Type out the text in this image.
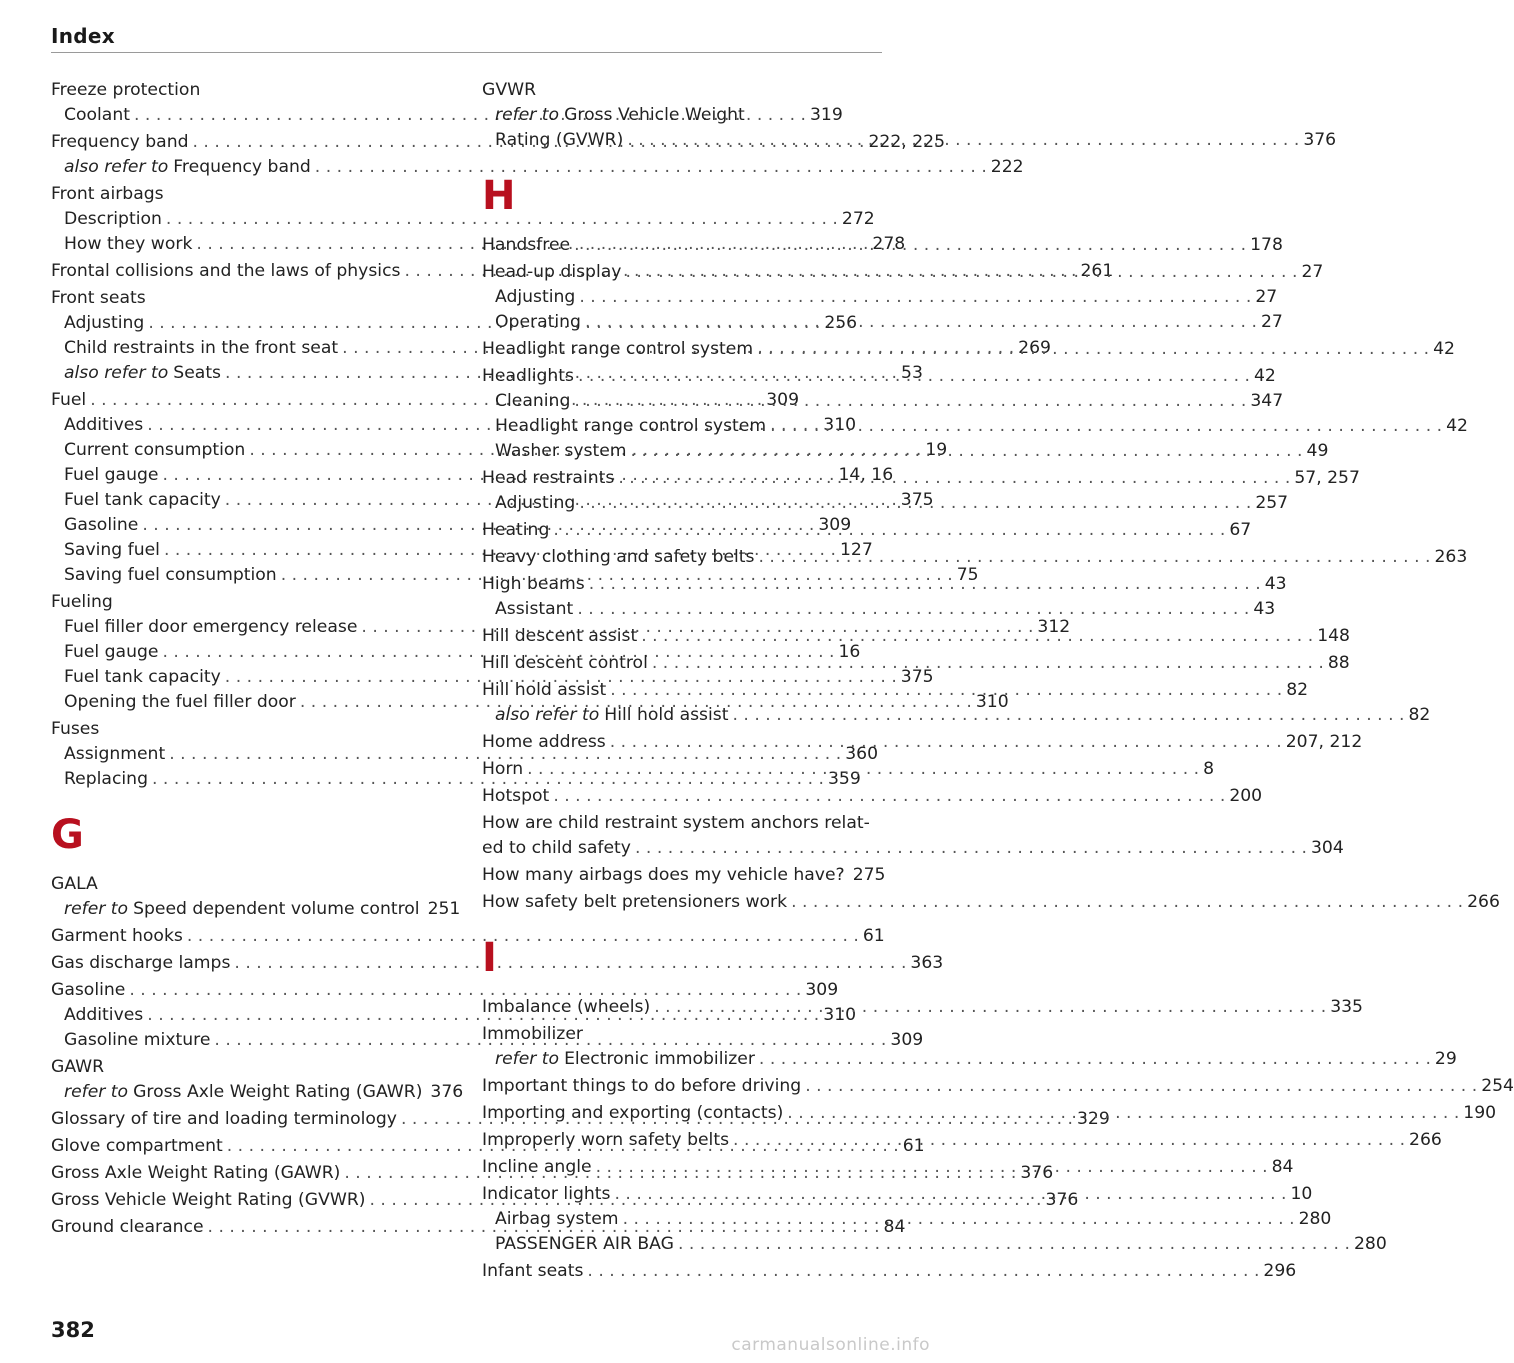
Index
Freeze protection
Coolant . . .	319
Frequency band . . .	222, 225
also refer to Frequency band . . .	222
Front airbags
Description . . .	272
How they work . . .	278
Frontal collisions and the laws of physics . . .	261
Front seats
Adjusting . . .	256
Child restraints in the front seat . . .	269
also refer to Seats . . .	53
Fuel . . .	309
Additives . . .	310
Current consumption . . .	19
Fuel gauge . . .	14, 16
Fuel tank capacity . . .	375
Gasoline . . .	309
Saving fuel . . .	127
Saving fuel consumption . . .	75
Fueling
Fuel filler door emergency release . . .	312
Fuel gauge . . .	16
Fuel tank capacity . . .	375
Opening the fuel filler door . . .	310
Fuses
Assignment . . .	360
Replacing . . .	359
G
GALA
refer to Speed dependent volume control 251
Garment hooks . . .	61
Gas discharge lamps . . .	363
Gasoline . . .	309
Additives . . .	310
Gasoline mixture . . .	309
GAWR
refer to Gross Axle Weight Rating (GAWR) 376
Glossary of tire and loading terminology . . .	329
Glove compartment . . .	61
Gross Axle Weight Rating (GAWR) . . .	376
Gross Vehicle Weight Rating (GVWR) . . .	376
Ground clearance . . .	84
GVWR
refer to Gross Vehicle Weight
Rating (GVWR) . . .	376
H
Handsfree . . .	178
Head-up display . . .	27
Adjusting . . .	27
Operating . . .	27
Headlight range control system . . .	42
Headlights . . .	42
Cleaning . . .	347
Headlight range control system . . .	42
Washer system . . .	49
Head restraints . . .	57, 257
Adjusting . . .	257
Heating . . .	67
Heavy clothing and safety belts . . .	263
High beams . . .	43
Assistant . . .	43
Hill descent assist . . .	148
Hill descent control . . .	88
Hill hold assist . . .	82
also refer to Hill hold assist . . .	82
Home address . . .	207, 212
Horn . . .	8
Hotspot . . .	200
How are child restraint system anchors relat-
ed to child safety . . .	304
How many airbags does my vehicle have? 275
How safety belt pretensioners work . . .	266
I
Imbalance (wheels) . . .	335
Immobilizer
refer to Electronic immobilizer . . .	29
Important things to do before driving . . .	254
Importing and exporting (contacts) . . .	190
Improperly worn safety belts . . .	266
Incline angle . . .	84
Indicator lights . . .	10
Airbag system . . .	280
PASSENGER AIR BAG . . .	280
Infant seats . . .	296
382
carmanualsonline.info
